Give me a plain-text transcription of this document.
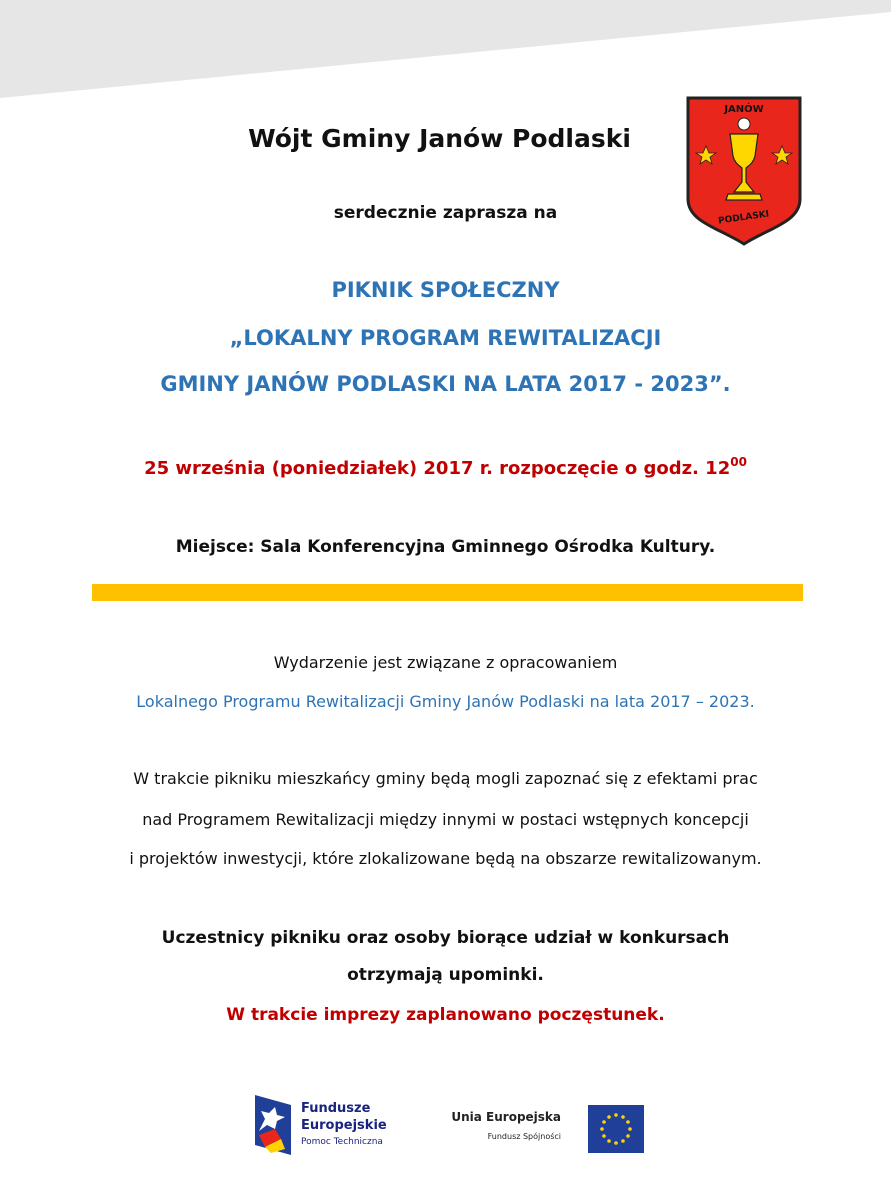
JANÓW
PODLASKI

Wójt Gminy Janów Podlaski

serdecznie zaprasza na

PIKNIK SPOŁECZNY

„LOKALNY PROGRAM REWITALIZACJI

GMINY JANÓW PODLASKI NA LATA 2017 - 2023”.

25 września (poniedziałek) 2017 r. rozpoczęcie o godz. $12^{00}$

Miejsce: Sala Konferencyjna Gminnego Ośrodka Kultury.

Wydarzenie jest związane z opracowaniem

Lokalnego Programu Rewitalizacji Gminy Janów Podlaski na lata 2017 – 2023.

W trakcie pikniku mieszkańcy gminy będą mogli zapoznać się z efektami prac

nad Programem Rewitalizacji między innymi w postaci wstępnych koncepcji

i projektów inwestycji, które zlokalizowane będą na obszarze rewitalizowanym.

Uczestnicy pikniku oraz osoby biorące udział w konkursach

otrzymają upominki.

W trakcie imprezy zaplanowano poczęstunek.

Fundusze
Europejskie
Pomoc Techniczna
Unia Europejska
Fundusz Spójności
